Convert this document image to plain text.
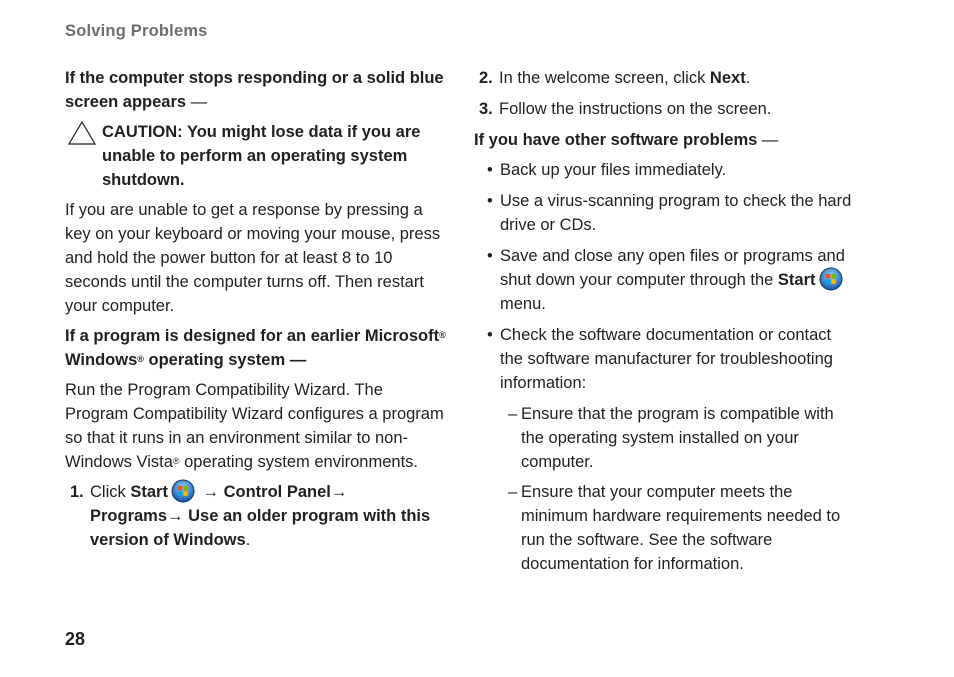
Solving Problems

If the computer stops responding or a solid blue screen appears —

CAUTION: You might lose data if you are unable to perform an operating system shutdown.

If you are unable to get a response by pressing a key on your keyboard or moving your mouse, press and hold the power button for at least 8 to 10 seconds until the computer turns off. Then restart your computer.

If a program is designed for an earlier Microsoft® Windows® operating system —

Run the Program Compatibility Wizard. The Program Compatibility Wizard configures a program so that it runs in an environment similar to non-Windows Vista® operating system environments.

1. Click Start → Control Panel→
Programs→ Use an older program with this version of Windows.
2. In the welcome screen, click Next.
3. Follow the instructions on the screen.

If you have other software problems —

• Back up your files immediately.
• Use a virus-scanning program to check the hard drive or CDs.
• Save and close any open files or programs and shut down your computer through the Start menu.
• Check the software documentation or contact the software manufacturer for troubleshooting information:
– Ensure that the program is compatible with the operating system installed on your computer.
– Ensure that your computer meets the minimum hardware requirements needed to run the software. See the software documentation for information.
28
